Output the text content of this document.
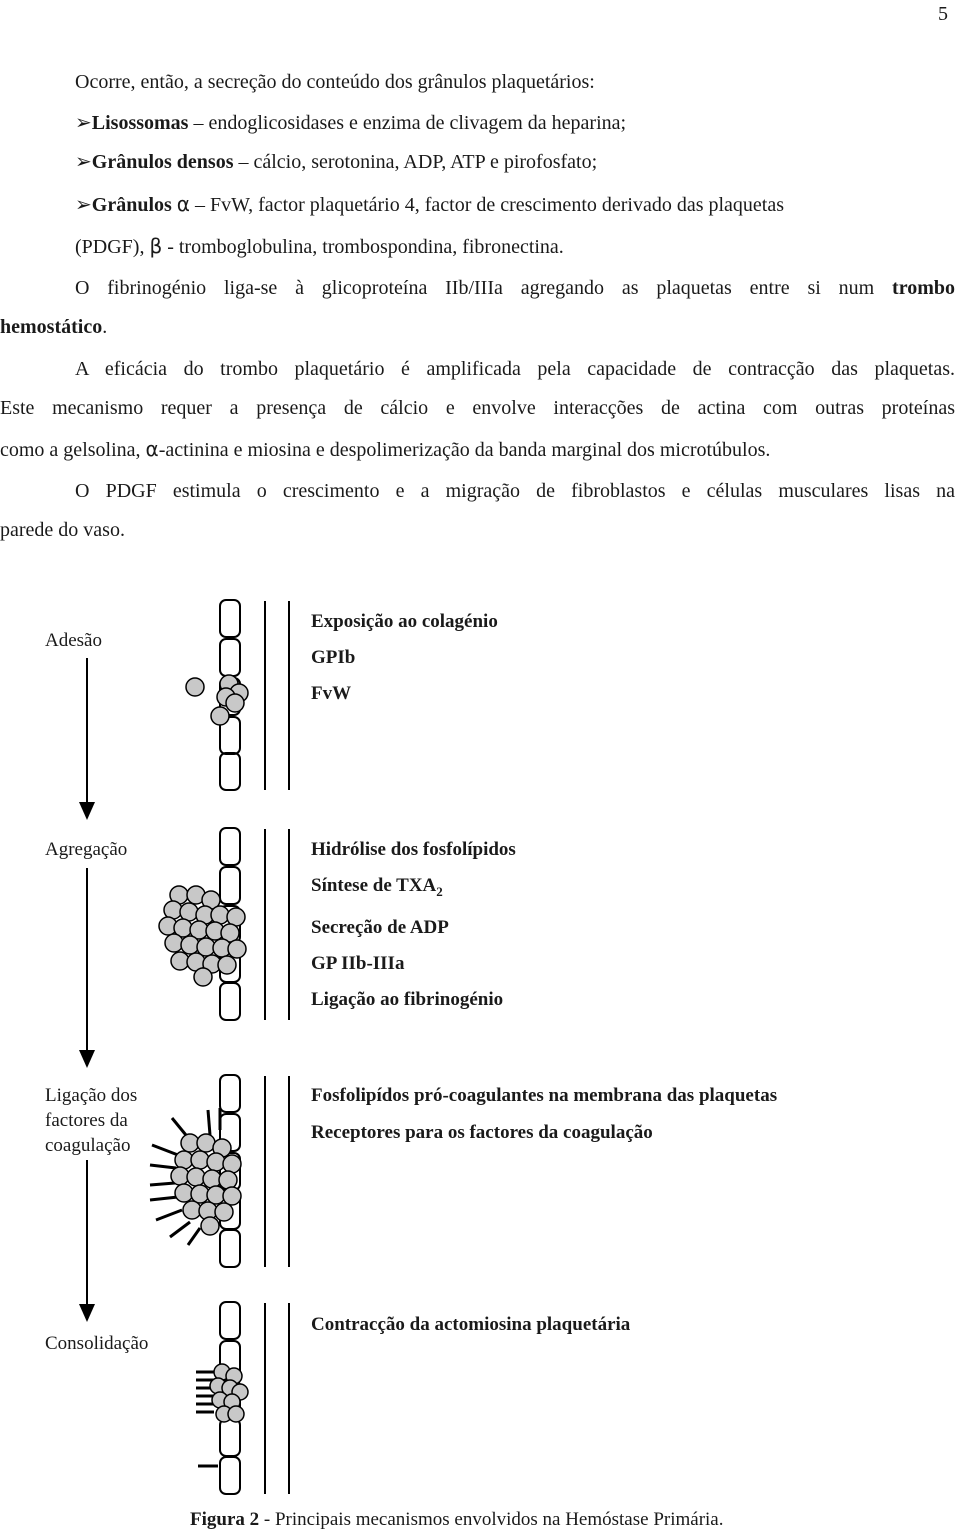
5
Ocorre, então, a secreção do conteúdo dos grânulos plaquetários:
➢Lisossomas – endoglicosidases e enzima de clivagem da heparina;
➢Grânulos densos – cálcio, serotonina, ADP, ATP e pirofosfato;
➢Grânulos α – FvW, factor plaquetário 4, factor de crescimento derivado das plaquetas
(PDGF), β - tromboglobulina, trombospondina, fibronectina.
O fibrinogénio liga-se à glicoproteína IIb/IIIa agregando as plaquetas entre si num trombo
hemostático.
A eficácia do trombo plaquetário é amplificada pela capacidade de contracção das plaquetas.
Este mecanismo requer a presença de cálcio e envolve interacções de actina com outras proteínas
como a gelsolina, α-actinina e miosina e despolimerização da banda marginal dos microtúbulos.
O PDGF estimula o crescimento e a migração de fibroblastos e células musculares lisas na
parede do vaso.
Adesão
Agregação
Ligação dos
factores da
coagulação
Consolidação
Exposição ao colagénio
GPIb
FvW
Hidrólise dos fosfolípidos
Síntese de $TXA_2$
Secreção de ADP
GP IIb-IIIa
Ligação ao fibrinogénio
Fosfolipídos pró-coagulantes na membrana das plaquetas
Receptores para os factores da coagulação
Contracção da actomiosina plaquetária
Figura 2 - Principais mecanismos envolvidos na Hemóstase Primária.
